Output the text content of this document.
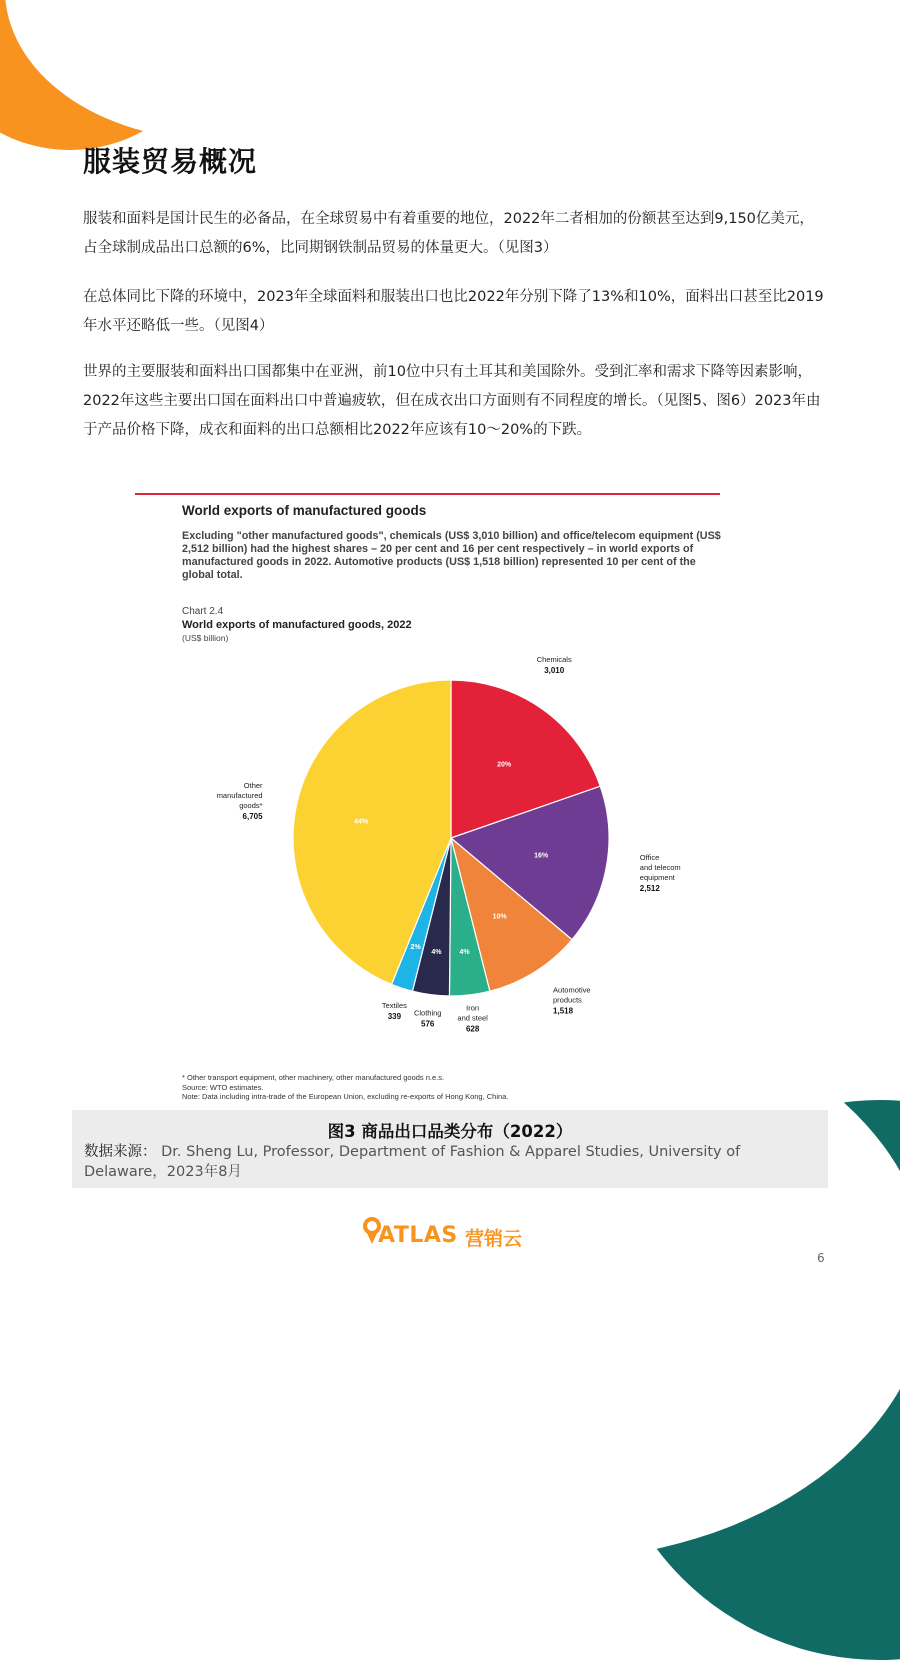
服装贸易概况

服装和面料是国计民生的必备品，在全球贸易中有着重要的地位，2022年二者相加的份额甚至达到9,150亿美元，占全球制成品出口总额的6%，比同期钢铁制品贸易的体量更大。（见图3）

在总体同比下降的环境中，2023年全球面料和服装出口也比2022年分别下降了13%和10%，面料出口甚至比2019年水平还略低一些。（见图4）

世界的主要服装和面料出口国都集中在亚洲，前10位中只有土耳其和美国除外。受到汇率和需求下降等因素影响，2022年这些主要出口国在面料出口中普遍疲软，但在成衣出口方面则有不同程度的增长。（见图5、图6）2023年由于产品价格下降，成衣和面料的出口总额相比2022年应该有10～20%的下跌。

World exports of manufactured goods

Excluding "other manufactured goods", chemicals (US$ 3,010 billion) and office/telecom equipment (US$ 2,512 billion) had the highest shares – 20 per cent and 16 per cent respectively – in world exports of manufactured goods in 2022. Automotive products (US$ 1,518 billion) represented 10 per cent of the global total.

Chart 2.4
World exports of manufactured goods, 2022
(US$ billion)
20%
Chemicals
3,010
16%	Office and telecom equipment
2,512
10%
Automotive products
1,518
4%
Iron and steel
628
4%
Clothing
576
2%
Textiles
339
44%
Other manufactured goods*
6,705
* Other transport equipment, other machinery, other manufactured goods n.e.s.
Source: WTO estimates.
Note: Data including intra-trade of the European Union, excluding re-exports of Hong Kong, China.
图3 商品出口品类分布（2022）
数据来源： Dr. Sheng Lu, Professor, Department of Fashion & Apparel Studies, University of Delaware，2023年8月
ATLAS 营销云
6
